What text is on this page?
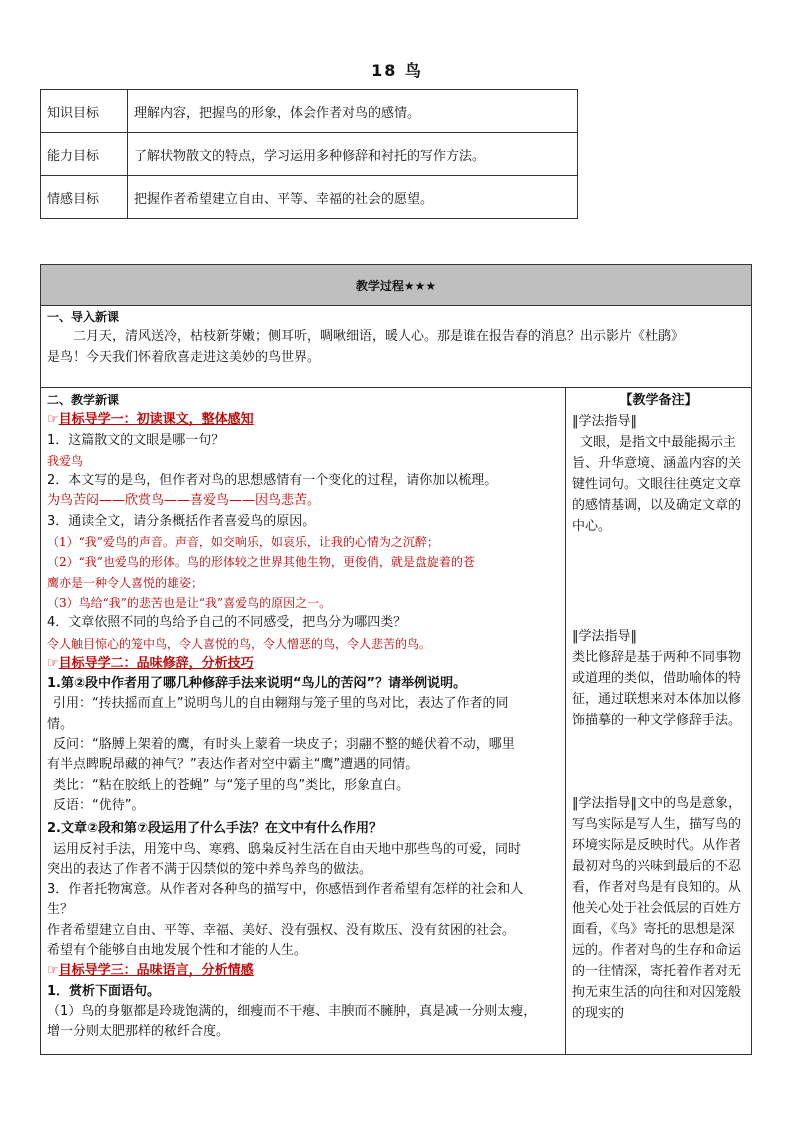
18 鸟
知识目标	理解内容，把握鸟的形象，体会作者对鸟的感情。
能力目标	了解状物散文的特点，学习运用多种修辞和衬托的写作方法。
情感目标	把握作者希望建立自由、平等、幸福的社会的愿望。
教学过程★★★
一、导入新课
二月天，清风送冷，枯枝新芽嫩；侧耳听，啁啾细语，暖人心。那是谁在报告春的消息？出示影片《杜鹃》
是鸟！今天我们怀着欣喜走进这美妙的鸟世界。
二、教学新课
☞目标导学一：初读课文，整体感知
1．这篇散文的文眼是哪一句？
我爱鸟
2．本文写的是鸟，但作者对鸟的思想感情有一个变化的过程，请你加以梳理。
为鸟苦闷——欣赏鸟——喜爱鸟——因鸟悲苦。
3．通读全文，请分条概括作者喜爱鸟的原因。
（1）“我”爱鸟的声音。声音，如交响乐，如哀乐，让我的心情为之沉醉；
（2）“我”也爱鸟的形体。鸟的形体较之世界其他生物，更俊俏，就是盘旋着的苍
鹰亦是一种令人喜悦的雄姿；
（3）鸟给“我”的悲苦也是让“我”喜爱鸟的原因之一。
4．文章依照不同的鸟给予自己的不同感受，把鸟分为哪四类？
令人触目惊心的笼中鸟，令人喜悦的鸟，令人憎恶的鸟，令人悲苦的鸟。
☞目标导学二：品味修辞，分析技巧
1.第②段中作者用了哪几种修辞手法来说明“鸟儿的苦闷”？请举例说明。
引用：“抟扶摇而直上”说明鸟儿的自由翱翔与笼子里的鸟对比，表达了作者的同
情。
反问：“胳膊上架着的鹰，有时头上蒙着一块皮子；羽翮不整的蜷伏着不动，哪里
有半点睥睨昂藏的神气？”表达作者对空中霸主“鹰”遭遇的同情。
类比：“粘在胶纸上的苍蝇” 与“笼子里的鸟”类比，形象直白。
反语：“优待”。
2.文章②段和第⑦段运用了什么手法？在文中有什么作用？
运用反衬手法，用笼中鸟、寒鸦、鸱枭反衬生活在自由天地中那些鸟的可爱，同时
突出的表达了作者不满于囚禁似的笼中养鸟养鸟的做法。
3．作者托物寓意。从作者对各种鸟的描写中，你感悟到作者希望有怎样的社会和人
生？
作者希望建立自由、平等、幸福、美好、没有强权、没有欺压、没有贫困的社会。
希望有个能够自由地发展个性和才能的人生。
☞目标导学三：品味语言，分析情感
1．赏析下面语句。
（1）鸟的身躯都是玲珑饱满的，细瘦而不干瘪、丰腴而不臃肿，真是减一分则太瘦，
增一分则太肥那样的秾纤合度。
【教学备注】
‖学法指导‖
文眼，是指文中最能揭示主旨、升华意境、涵盖内容的关键性词句。文眼往往奠定文章的感情基调，以及确定文章的中心。
‖学法指导‖
类比修辞是基于两种不同事物或道理的类似，借助喻体的特征，通过联想来对本体加以修饰描摹的一种文学修辞手法。
‖学法指导‖文中的鸟是意象，写鸟实际是写人生，描写鸟的环境实际是反映时代。从作者最初对鸟的兴味到最后的不忍看，作者对鸟是有良知的。从他关心处于社会低层的百姓方面看，《鸟》寄托的思想是深远的。作者对鸟的生存和命运的一往情深，寄托着作者对无拘无束生活的向往和对囚笼般的现实的
